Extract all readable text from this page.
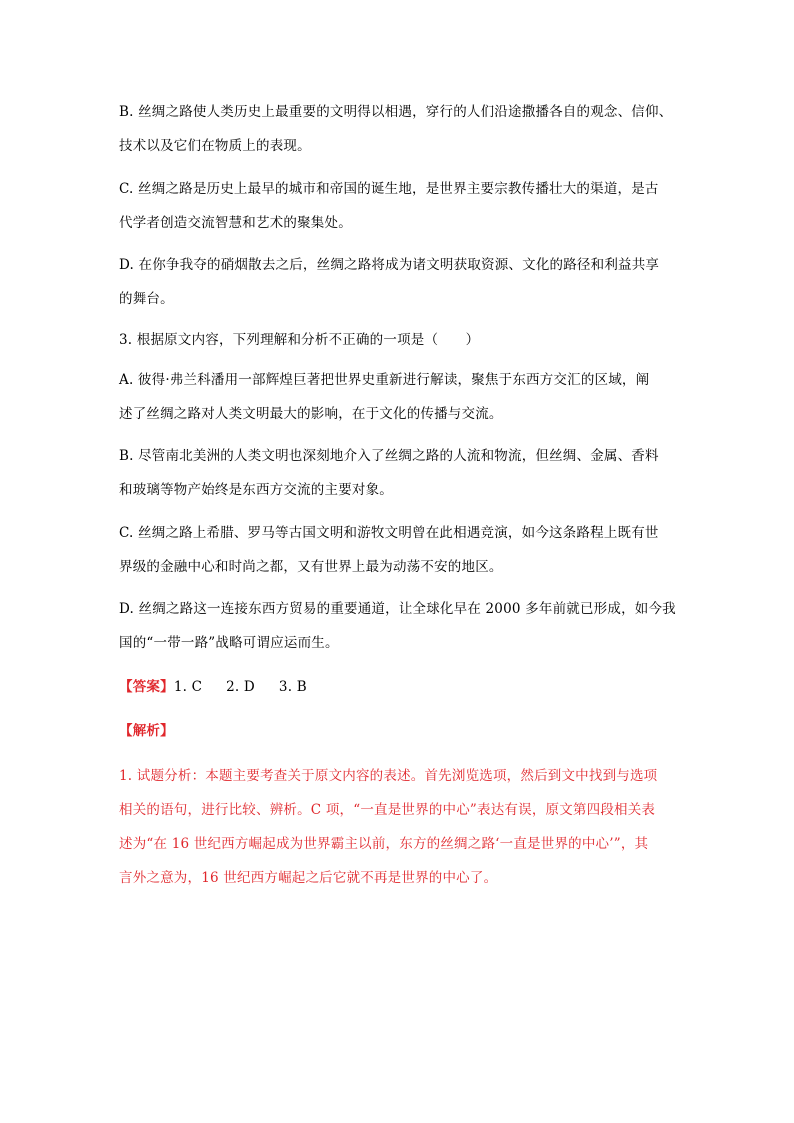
B. 丝绸之路使人类历史上最重要的文明得以相遇，穿行的人们沿途撒播各自的观念、信仰、
技术以及它们在物质上的表现。

C. 丝绸之路是历史上最早的城市和帝国的诞生地，是世界主要宗教传播壮大的渠道，是古
代学者创造交流智慧和艺术的聚集处。

D. 在你争我夺的硝烟散去之后，丝绸之路将成为诸文明获取资源、文化的路径和利益共享
的舞台。

3. 根据原文内容，下列理解和分析不正确的一项是（　　）

A. 彼得·弗兰科潘用一部辉煌巨著把世界史重新进行解读，聚焦于东西方交汇的区域，阐
述了丝绸之路对人类文明最大的影响，在于文化的传播与交流。

B. 尽管南北美洲的人类文明也深刻地介入了丝绸之路的人流和物流，但丝绸、金属、香料
和玻璃等物产始终是东西方交流的主要对象。

C. 丝绸之路上希腊、罗马等古国文明和游牧文明曾在此相遇竞演，如今这条路程上既有世
界级的金融中心和时尚之都，又有世界上最为动荡不安的地区。

D. 丝绸之路这一连接东西方贸易的重要通道，让全球化早在 2000 多年前就已形成，如今我
国的“一带一路”战略可谓应运而生。

【答案】1. C 2. D 3. B

【解析】

1. 试题分析：本题主要考查关于原文内容的表述。首先浏览选项，然后到文中找到与选项
相关的语句，进行比较、辨析。C 项，“一直是世界的中心”表达有误，原文第四段相关表
述为“在 16 世纪西方崛起成为世界霸主以前，东方的丝绸之路‘一直是世界的中心’”，其
言外之意为，16 世纪西方崛起之后它就不再是世界的中心了。
